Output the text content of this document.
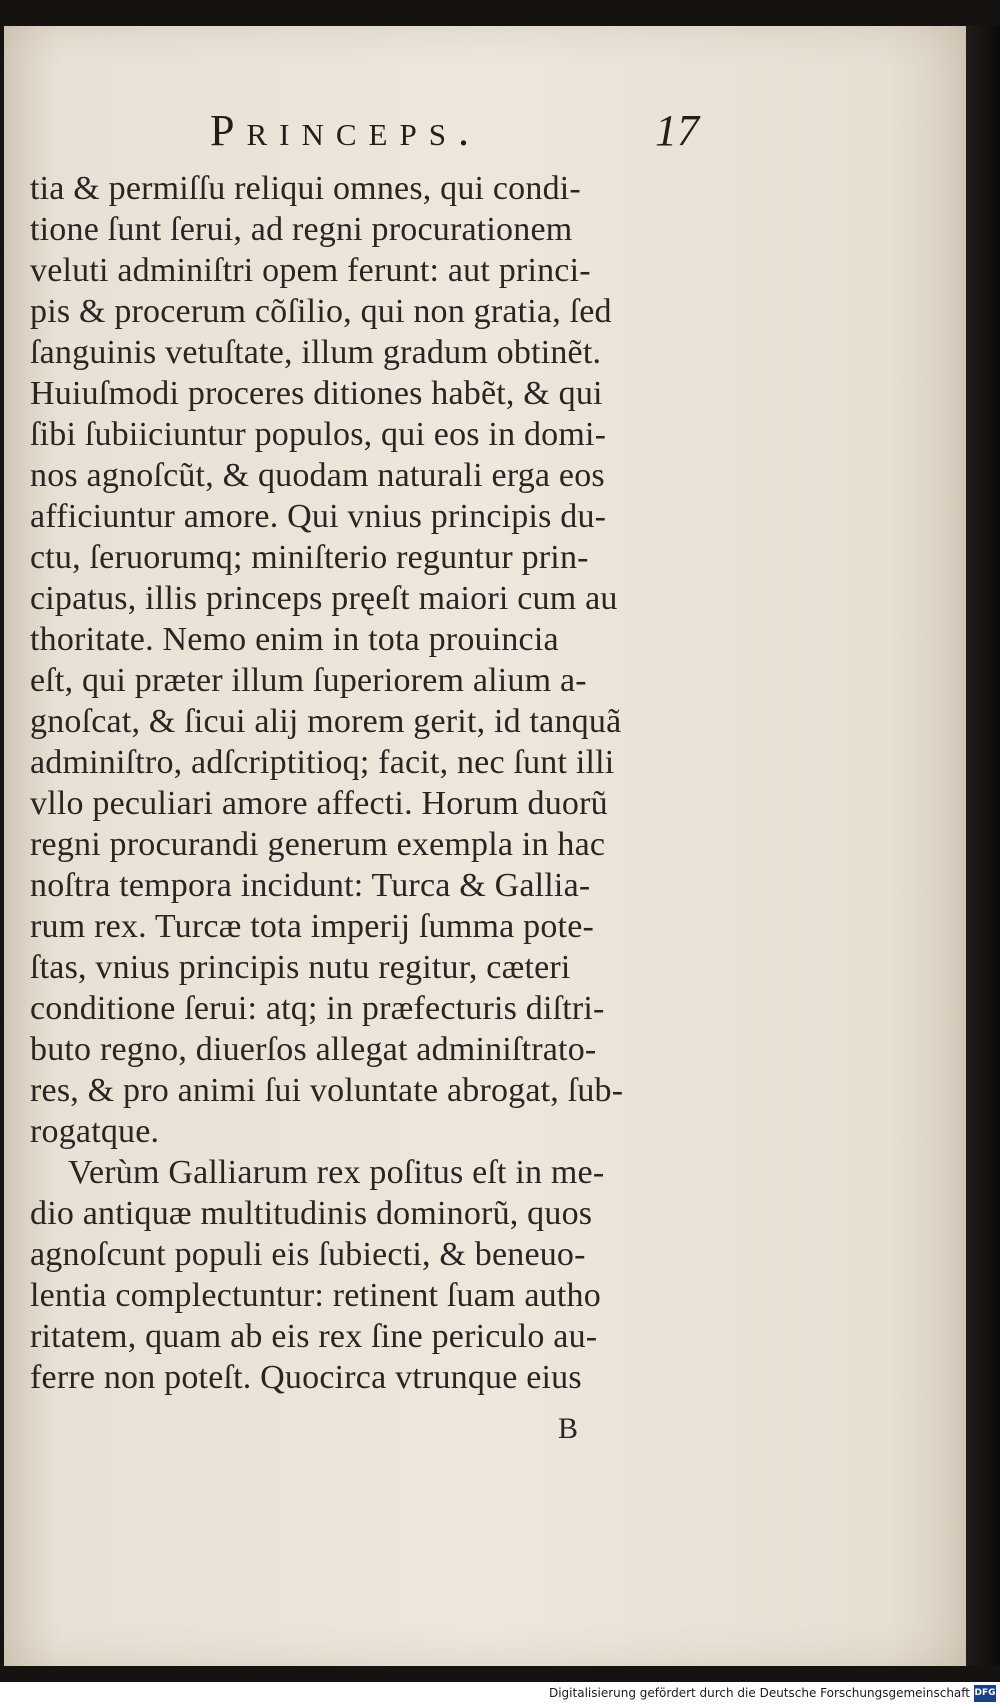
Princeps.	17
tia & permiſſu reliqui omnes, qui condi-
tione ſunt ſerui, ad regni procurationem
veluti adminiſtri opem ferunt: aut princi-
pis & procerum cõſilio, qui non gratia, ſed
ſanguinis vetuſtate, illum gradum obtinẽt.
Huiuſmodi proceres ditiones habẽt, & qui
ſibi ſubiiciuntur populos, qui eos in domi-
nos agnoſcũt, & quodam naturali erga eos
afficiuntur amore. Qui vnius principis du-
ctu, ſeruorumq; miniſterio reguntur prin-
cipatus, illis princeps pręeſt maiori cum au
thoritate. Nemo enim in tota prouincia
eſt, qui præter illum ſuperiorem alium a-
gnoſcat, & ſicui alij morem gerit, id tanquã
adminiſtro, adſcriptitioq; facit, nec ſunt illi
vllo peculiari amore affecti. Horum duorũ
regni procurandi generum exempla in hac
noſtra tempora incidunt: Turca & Gallia-
rum rex. Turcæ tota imperij ſumma pote-
ſtas, vnius principis nutu regitur, cæteri
conditione ſerui: atq; in præfecturis diſtri-
buto regno, diuerſos allegat adminiſtrato-
res, & pro animi ſui voluntate abrogat, ſub-
rogatque.
Verùm Galliarum rex poſitus eſt in me-
dio antiquæ multitudinis dominorũ, quos
agnoſcunt populi eis ſubiecti, & beneuo-
lentia complectuntur: retinent ſuam autho
ritatem, quam ab eis rex ſine periculo au-
ferre non poteſt. Quocirca vtrunque eius
B
Digitalisierung gefördert durch die Deutsche Forschungsgemeinschaft DFG
